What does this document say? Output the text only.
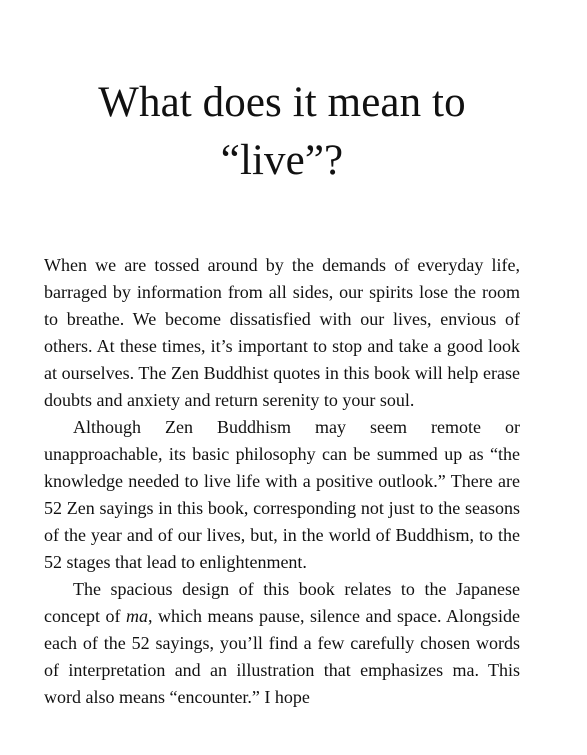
What does it mean to
“live”?

When we are tossed around by the demands of everyday life, barraged by information from all sides, our spirits lose the room to breathe. We become dissatisfied with our lives, envious of others. At these times, it’s important to stop and take a good look at ourselves. The Zen Buddhist quotes in this book will help erase doubts and anxiety and return serenity to your soul.

Although Zen Buddhism may seem remote or unapproachable, its basic philosophy can be summed up as “the knowledge needed to live life with a positive outlook.” There are 52 Zen sayings in this book, corresponding not just to the seasons of the year and of our lives, but, in the world of Buddhism, to the 52 stages that lead to enlightenment.

The spacious design of this book relates to the Japanese concept of ma, which means pause, silence and space. Alongside each of the 52 sayings, you’ll find a few carefully chosen words of interpretation and an illustration that emphasizes ma. This word also means “encounter.” I hope
